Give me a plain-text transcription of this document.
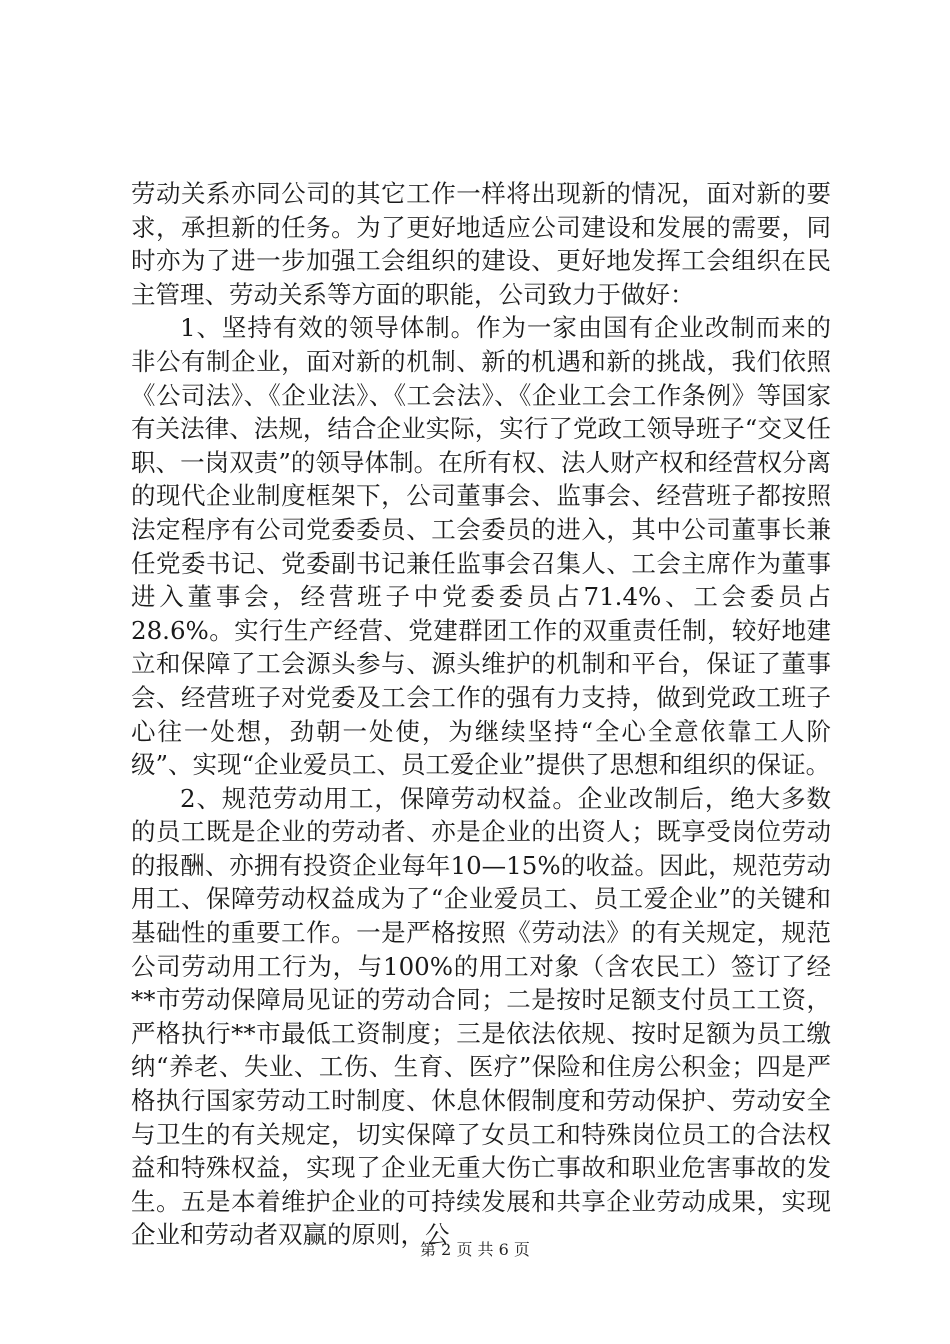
劳动关系亦同公司的其它工作一样将出现新的情况，面对新的要求，承担新的任务。为了更好地适应公司建设和发展的需要，同时亦为了进一步加强工会组织的建设、更好地发挥工会组织在民主管理、劳动关系等方面的职能，公司致力于做好：

1、坚持有效的领导体制。作为一家由国有企业改制而来的非公有制企业，面对新的机制、新的机遇和新的挑战，我们依照《公司法》、《企业法》、《工会法》、《企业工会工作条例》等国家有关法律、法规，结合企业实际，实行了党政工领导班子“交叉任职、一岗双责”的领导体制。在所有权、法人财产权和经营权分离的现代企业制度框架下，公司董事会、监事会、经营班子都按照法定程序有公司党委委员、工会委员的进入，其中公司董事长兼任党委书记、党委副书记兼任监事会召集人、工会主席作为董事进入董事会，经营班子中党委委员占71.4%、工会委员占28.6%。实行生产经营、党建群团工作的双重责任制，较好地建立和保障了工会源头参与、源头维护的机制和平台，保证了董事会、经营班子对党委及工会工作的强有力支持，做到党政工班子心往一处想，劲朝一处使，为继续坚持“全心全意依靠工人阶级”、实现“企业爱员工、员工爱企业”提供了思想和组织的保证。

2、规范劳动用工，保障劳动权益。企业改制后，绝大多数的员工既是企业的劳动者、亦是企业的出资人；既享受岗位劳动的报酬、亦拥有投资企业每年10—15%的收益。因此，规范劳动用工、保障劳动权益成为了“企业爱员工、员工爱企业”的关键和基础性的重要工作。一是严格按照《劳动法》的有关规定，规范公司劳动用工行为，与100%的用工对象（含农民工）签订了经**市劳动保障局见证的劳动合同；二是按时足额支付员工工资，严格执行**市最低工资制度；三是依法依规、按时足额为员工缴纳“养老、失业、工伤、生育、医疗”保险和住房公积金；四是严格执行国家劳动工时制度、休息休假制度和劳动保护、劳动安全与卫生的有关规定，切实保障了女员工和特殊岗位员工的合法权益和特殊权益，实现了企业无重大伤亡事故和职业危害事故的发生。五是本着维护企业的可持续发展和共享企业劳动成果，实现企业和劳动者双赢的原则，公

第 2 页 共 6 页
